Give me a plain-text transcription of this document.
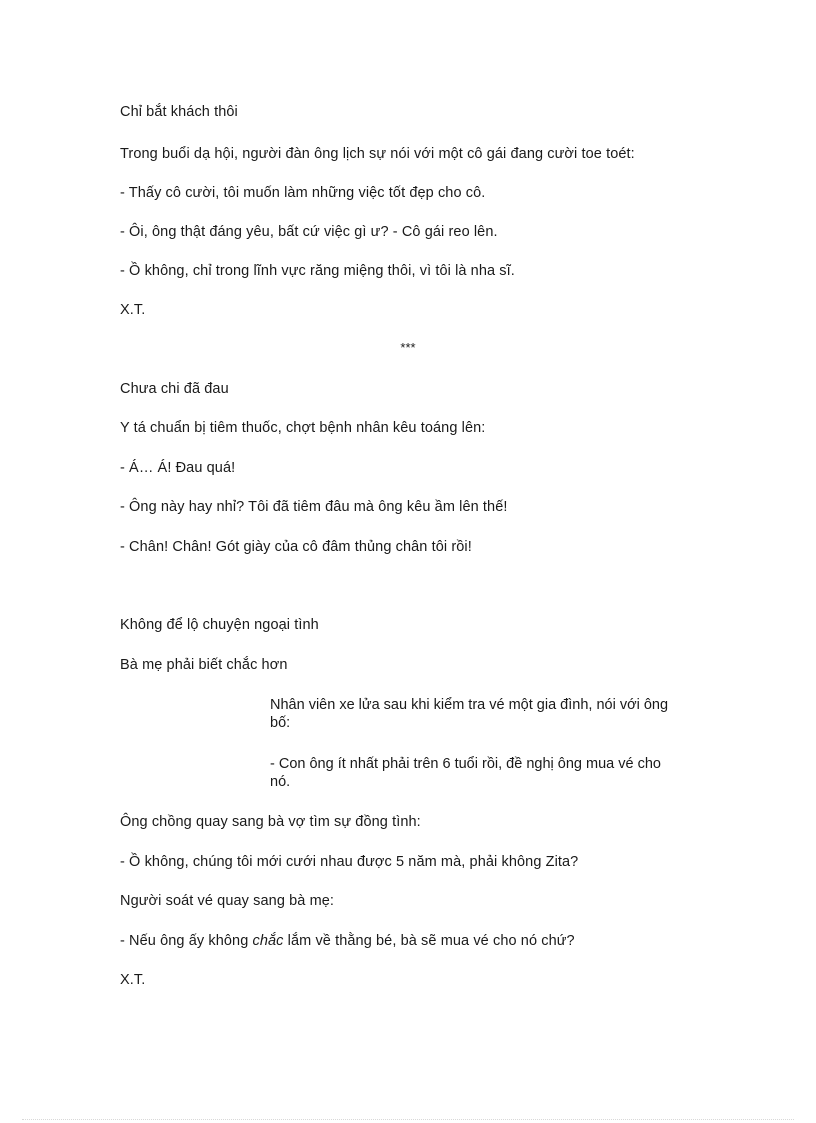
Chỉ bắt khách thôi
Trong buổi dạ hội, người đàn ông lịch sự nói với một cô gái đang cười toe toét:
- Thấy cô cười, tôi muốn làm những việc tốt đẹp cho cô.
- Ôi, ông thật đáng yêu, bất cứ việc gì ư? - Cô gái reo lên.
- Ồ không, chỉ trong lĩnh vực răng miệng thôi, vì tôi là nha sĩ.
X.T.
***
Chưa chi đã đau
Y tá chuẩn bị tiêm thuốc, chợt bệnh nhân kêu toáng lên:
- Á… Á! Đau quá!
- Ông này hay nhỉ? Tôi đã tiêm đâu mà ông kêu ầm lên thế!
- Chân! Chân! Gót giày của cô đâm thủng chân tôi rồi!
Không để lộ chuyện ngoại tình
Bà mẹ phải biết chắc hơn
Nhân viên xe lửa sau khi kiểm tra vé một gia đình, nói với ông bố:
- Con ông ít nhất phải trên 6 tuổi rồi, đề nghị ông mua vé cho nó.
Ông chồng quay sang bà vợ tìm sự đồng tình:
- Ồ không, chúng tôi mới cưới nhau được 5 năm mà, phải không Zita?
Người soát vé quay sang bà mẹ:
- Nếu ông ấy không chắc lắm về thằng bé, bà sẽ mua vé cho nó chứ?
X.T.
